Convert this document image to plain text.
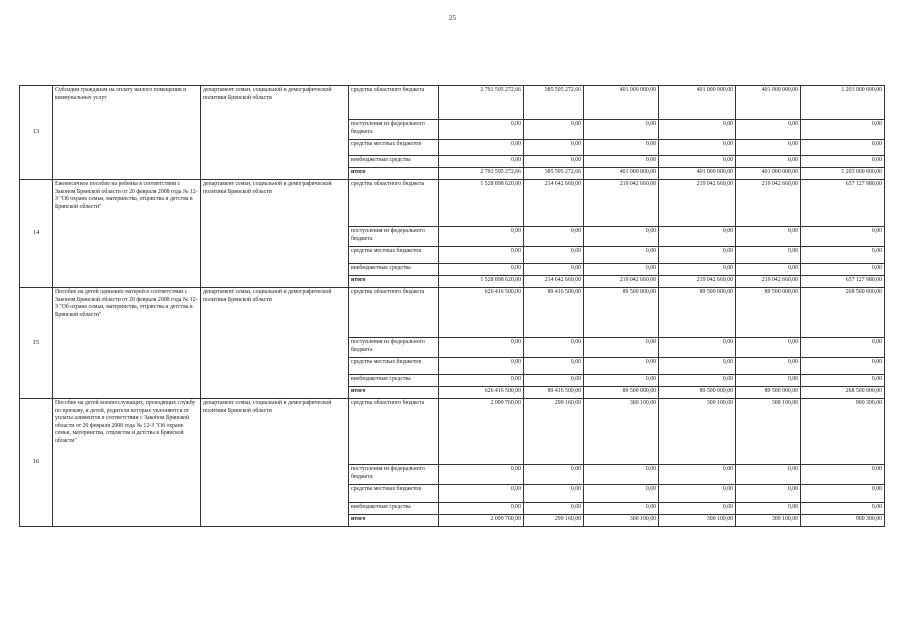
25
13	Субсидии гражданам на оплату жилого помещения и коммунальных услуг	департамент семьи, социальной и демографической политики Брянской области	средства областного бюджета	2 791 595 272,66	385 595 272,66	401 000 000,00	401 000 000,00	401 000 000,00	1 203 000 000,00
			поступления из федерального бюджета	0,00	0,00	0,00	0,00	0,00	0,00
			средства местных бюджетов	0,00	0,00	0,00	0,00	0,00	0,00
			внебюджетные средства	0,00	0,00	0,00	0,00	0,00	0,00
			итого	2 791 595 272,66	385 595 272,66	401 000 000,00	401 000 000,00	401 000 000,00	1 203 000 000,00
14	Ежемесячное пособие на ребенка в соответствии с Законом Брянской области от 20 февраля 2008 года № 12-З "Об охране семьи, материнства, отцовства и детства в Брянской области"	департамент семьи, социальной и демографической политики Брянской области	средства областного бюджета	1 528 898 620,00	214 642 660,00	219 042 660,00	219 042 660,00	219 042 660,00	657 127 980,00
			поступления из федерального бюджета	0,00	0,00	0,00	0,00	0,00	0,00
			средства местных бюджетов	0,00	0,00	0,00	0,00	0,00	0,00
			внебюджетные средства	0,00	0,00	0,00	0,00	0,00	0,00
			итого	1 528 898 620,00	214 642 660,00	219 042 660,00	219 042 660,00	219 042 660,00	657 127 980,00
15	Пособие на детей одиноких матерей в соответствии с Законом Брянской области от 20 февраля 2008 года № 12-З "Об охране семьи, материнства, отцовства и детства в Брянской области"	департамент семьи, социальной и демографической политики Брянской области	средства областного бюджета	626 416 500,00	89 416 500,00	89 500 000,00	89 500 000,00	89 500 000,00	268 500 000,00
			поступления из федерального бюджета	0,00	0,00	0,00	0,00	0,00	0,00
			средства местных бюджетов	0,00	0,00	0,00	0,00	0,00	0,00
			внебюджетные средства	0,00	0,00	0,00	0,00	0,00	0,00
			итого	626 416 500,00	89 416 500,00	89 500 000,00	89 500 000,00	89 500 000,00	268 500 000,00
16	Пособие на детей военнослужащих, проходящих службу по призыву, и детей, родители которых уклоняются от уплаты алиментов в соответствии с Законом Брянской области от 20 февраля 2008 года № 12-З "Об охране семьи, материнства, отцовства и детства в Брянской области"	департамент семьи, социальной и демографической политики Брянской области	средства областного бюджета	2 099 760,00	299 160,00	300 100,00	300 100,00	300 100,00	900 300,00
			поступления из федерального бюджета	0,00	0,00	0,00	0,00	0,00	0,00
			средства местных бюджетов	0,00	0,00	0,00	0,00	0,00	0,00
			внебюджетные средства	0,00	0,00	0,00	0,00	0,00	0,00
			итого	2 099 760,00	299 160,00	300 100,00	300 100,00	300 100,00	900 300,00
